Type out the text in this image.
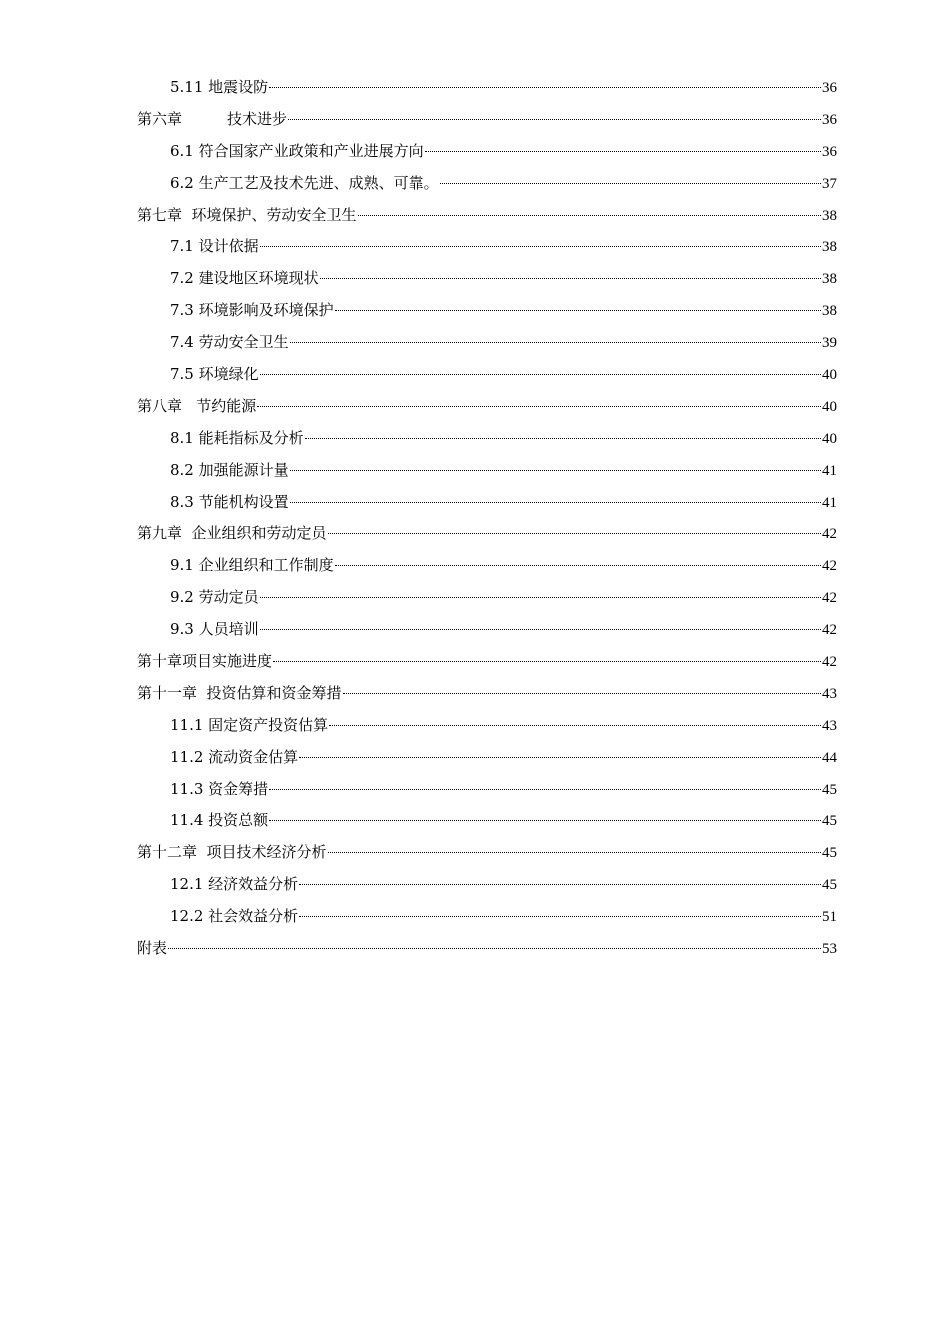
5.11 地震设防	36
第六章　　　技术进步	36
6.1 符合国家产业政策和产业进展方向	36
6.2 生产工艺及技术先进、成熟、可靠。	37
第七章  环境保护、劳动安全卫生	38
7.1 设计依据	38
7.2 建设地区环境现状	38
7.3 环境影响及环境保护	38
7.4 劳动安全卫生	39
7.5 环境绿化	40
第八章   节约能源	40
8.1 能耗指标及分析	40
8.2 加强能源计量	41
8.3 节能机构设置	41
第九章  企业组织和劳动定员	42
9.1 企业组织和工作制度	42
9.2 劳动定员	42
9.3 人员培训	42
第十章项目实施进度	42
第十一章  投资估算和资金筹措	43
11.1 固定资产投资估算	43
11.2 流动资金估算	44
11.3 资金筹措	45
11.4 投资总额	45
第十二章  项目技术经济分析	45
12.1 经济效益分析	45
12.2 社会效益分析	51
附表	53
